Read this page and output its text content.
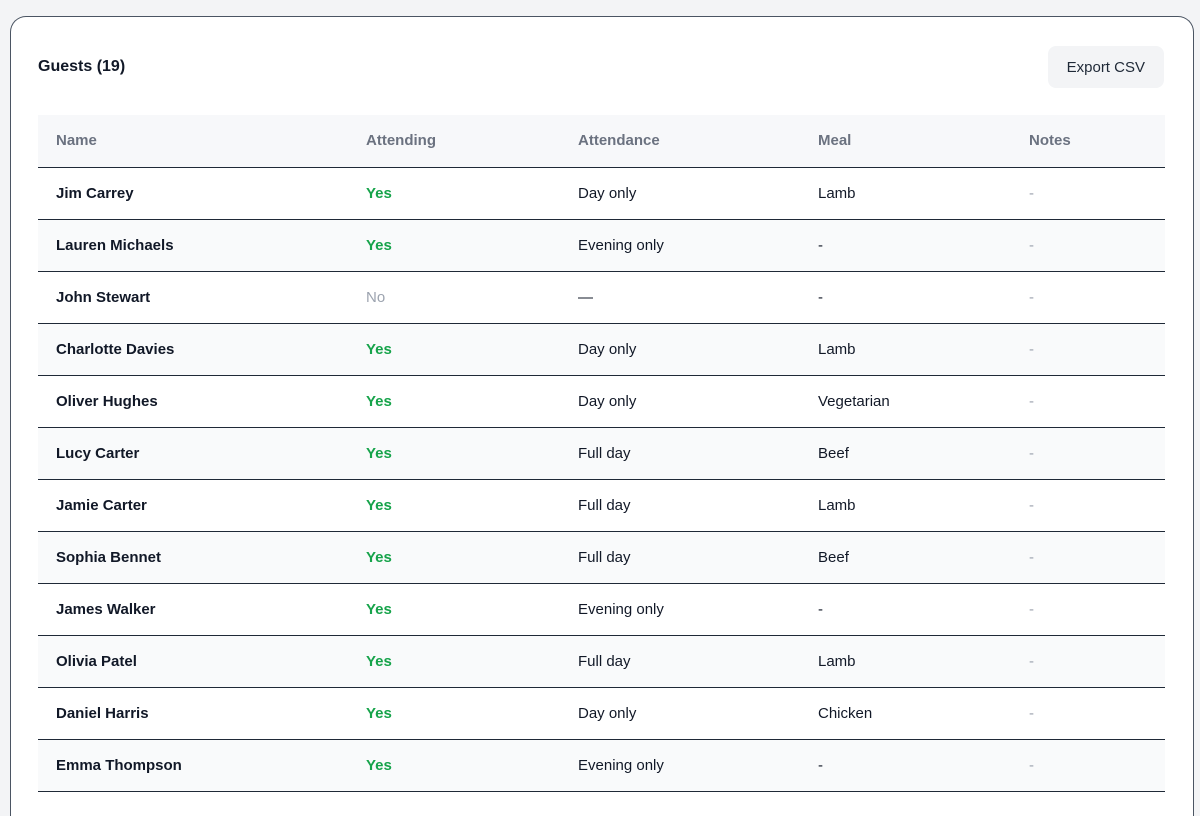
Guests (19)	Export CSV
Name	Attending	Attendance	Meal	Notes
Jim Carrey	Yes	Day only	Lamb	-
Lauren Michaels	Yes	Evening only	-	-
John Stewart	No	—	-	-
Charlotte Davies	Yes	Day only	Lamb	-
Oliver Hughes	Yes	Day only	Vegetarian	-
Lucy Carter	Yes	Full day	Beef	-
Jamie Carter	Yes	Full day	Lamb	-
Sophia Bennet	Yes	Full day	Beef	-
James Walker	Yes	Evening only	-	-
Olivia Patel	Yes	Full day	Lamb	-
Daniel Harris	Yes	Day only	Chicken	-
Emma Thompson	Yes	Evening only	-	-
